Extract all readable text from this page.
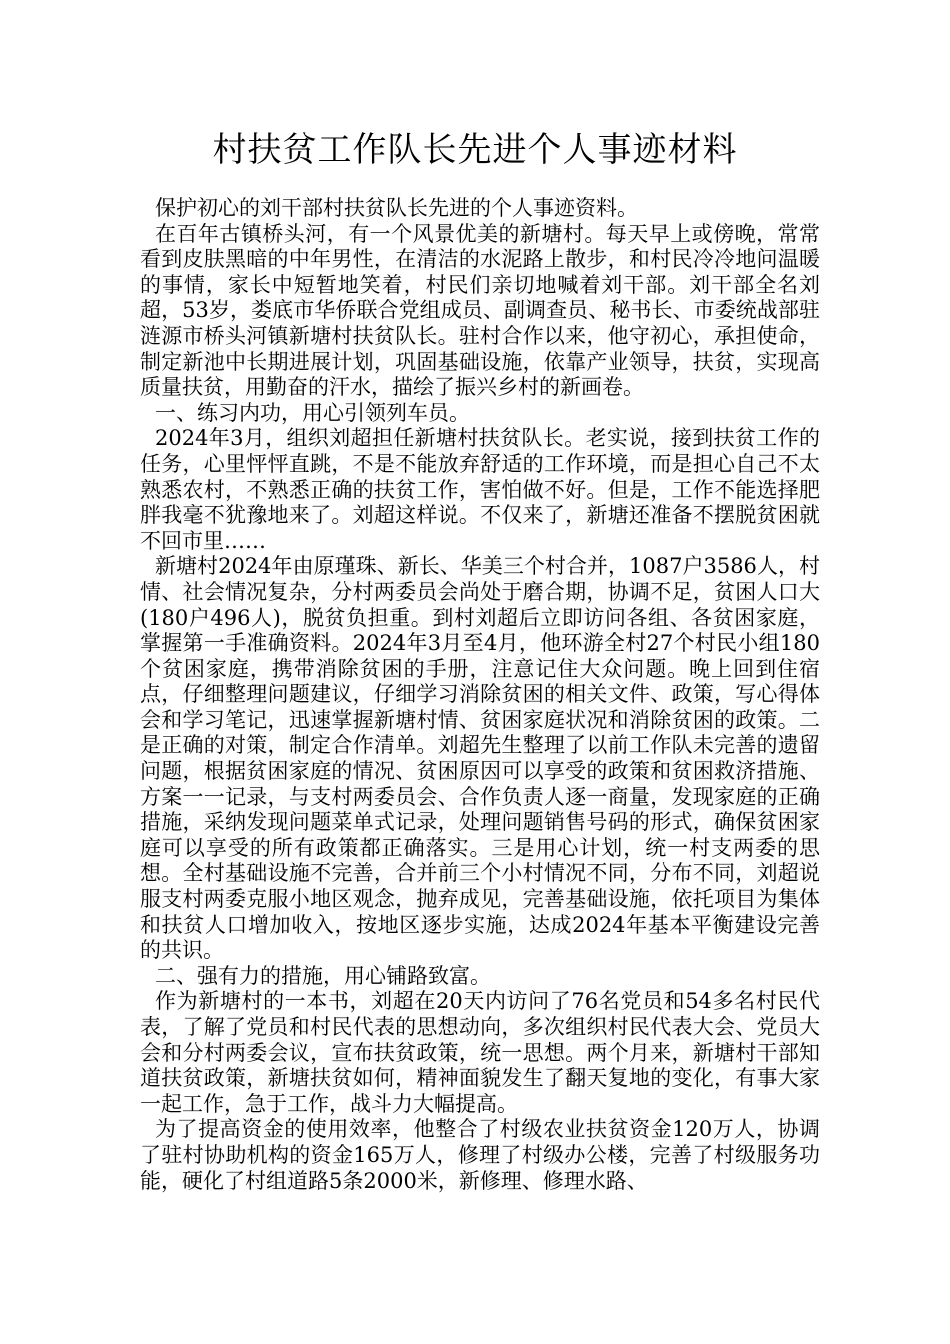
村扶贫工作队长先进个人事迹材料

保护初心的刘干部村扶贫队长先进的个人事迹资料。

在百年古镇桥头河，有一个风景优美的新塘村。每天早上或傍晚，常常看到皮肤黑暗的中年男性，在清洁的水泥路上散步，和村民冷冷地问温暖的事情，家长中短暂地笑着，村民们亲切地喊着刘干部。刘干部全名刘超，53岁，娄底市华侨联合党组成员、副调查员、秘书长、市委统战部驻涟源市桥头河镇新塘村扶贫队长。驻村合作以来，他守初心，承担使命，制定新池中长期进展计划，巩固基础设施，依靠产业领导，扶贫，实现高质量扶贫，用勤奋的汗水，描绘了振兴乡村的新画卷。

一、练习内功，用心引领列车员。

2024年3月，组织刘超担任新塘村扶贫队长。老实说，接到扶贫工作的任务，心里怦怦直跳，不是不能放弃舒适的工作环境，而是担心自己不太熟悉农村，不熟悉正确的扶贫工作，害怕做不好。但是，工作不能选择肥胖我毫不犹豫地来了。刘超这样说。不仅来了，新塘还准备不摆脱贫困就不回市里……

新塘村2024年由原瑾珠、新长、华美三个村合并，1087户3586人，村情、社会情况复杂，分村两委员会尚处于磨合期，协调不足，贫困人口大(180户496人)，脱贫负担重。到村刘超后立即访问各组、各贫困家庭，掌握第一手准确资料。2024年3月至4月，他环游全村27个村民小组180个贫困家庭，携带消除贫困的手册，注意记住大众问题。晚上回到住宿点，仔细整理问题建议，仔细学习消除贫困的相关文件、政策，写心得体会和学习笔记，迅速掌握新塘村情、贫困家庭状况和消除贫困的政策。二是正确的对策，制定合作清单。刘超先生整理了以前工作队未完善的遗留问题，根据贫困家庭的情况、贫困原因可以享受的政策和贫困救济措施、方案一一记录，与支村两委员会、合作负责人逐一商量，发现家庭的正确措施，采纳发现问题菜单式记录，处理问题销售号码的形式，确保贫困家庭可以享受的所有政策都正确落实。三是用心计划，统一村支两委的思想。全村基础设施不完善，合并前三个小村情况不同，分布不同，刘超说服支村两委克服小地区观念，抛弃成见，完善基础设施，依托项目为集体和扶贫人口增加收入，按地区逐步实施，达成2024年基本平衡建设完善的共识。

二、强有力的措施，用心铺路致富。

作为新塘村的一本书，刘超在20天内访问了76名党员和54多名村民代表，了解了党员和村民代表的思想动向，多次组织村民代表大会、党员大会和分村两委会议，宣布扶贫政策，统一思想。两个月来，新塘村干部知道扶贫政策，新塘扶贫如何，精神面貌发生了翻天复地的变化，有事大家一起工作，急于工作，战斗力大幅提高。

为了提高资金的使用效率，他整合了村级农业扶贫资金120万人，协调了驻村协助机构的资金165万人，修理了村级办公楼，完善了村级服务功能，硬化了村组道路5条2000米，新修理、修理水路、
